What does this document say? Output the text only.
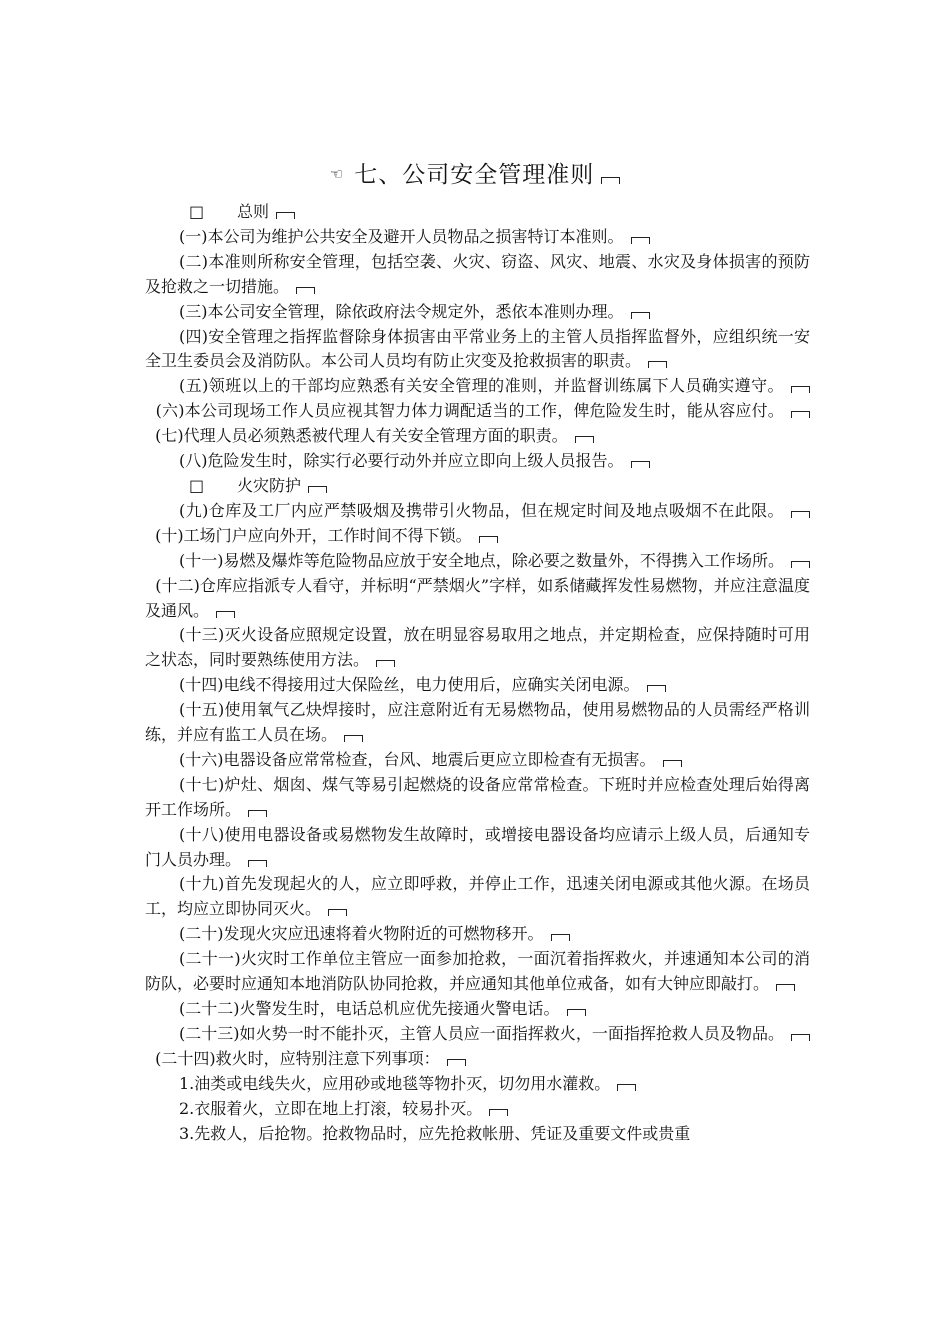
☜ 七、公司安全管理准则

□ 总则

(一)本公司为维护公共安全及避开人员物品之损害特订本准则。

(二)本准则所称安全管理，包括空袭、火灾、窃盗、风灾、地震、水灾及身体损害的预防及抢救之一切措施。

(三)本公司安全管理，除依政府法令规定外，悉依本准则办理。

(四)安全管理之指挥监督除身体损害由平常业务上的主管人员指挥监督外，应组织统一安全卫生委员会及消防队。本公司人员均有防止灾变及抢救损害的职责。

(五)领班以上的干部均应熟悉有关安全管理的准则，并监督训练属下人员确实遵守。  (六)本公司现场工作人员应视其智力体力调配适当的工作，俾危险发生时，能从容应付。  (七)代理人员必须熟悉被代理人有关安全管理方面的职责。

(八)危险发生时，除实行必要行动外并应立即向上级人员报告。

□ 火灾防护

(九)仓库及工厂内应严禁吸烟及携带引火物品，但在规定时间及地点吸烟不在此限。  (十)工场门户应向外开，工作时间不得下锁。

(十一)易燃及爆炸等危险物品应放于安全地点，除必要之数量外，不得携入工作场所。  (十二)仓库应指派专人看守，并标明“严禁烟火”字样，如系储藏挥发性易燃物，并应注意温度及通风。

(十三)灭火设备应照规定设置，放在明显容易取用之地点，并定期检查，应保持随时可用之状态，同时要熟练使用方法。

(十四)电线不得接用过大保险丝，电力使用后，应确实关闭电源。

(十五)使用氧气乙炔焊接时，应注意附近有无易燃物品，使用易燃物品的人员需经严格训练，并应有监工人员在场。

(十六)电器设备应常常检查，台风、地震后更应立即检查有无损害。

(十七)炉灶、烟囱、煤气等易引起燃烧的设备应常常检查。下班时并应检查处理后始得离开工作场所。

(十八)使用电器设备或易燃物发生故障时，或增接电器设备均应请示上级人员，后通知专门人员办理。

(十九)首先发现起火的人，应立即呼救，并停止工作，迅速关闭电源或其他火源。在场员工，均应立即协同灭火。

(二十)发现火灾应迅速将着火物附近的可燃物移开。

(二十一)火灾时工作单位主管应一面参加抢救，一面沉着指挥救火，并速通知本公司的消防队，必要时应通知本地消防队协同抢救，并应通知其他单位戒备，如有大钟应即敲打。

(二十二)火警发生时，电话总机应优先接通火警电话。

(二十三)如火势一时不能扑灭，主管人员应一面指挥救火，一面指挥抢救人员及物品。  (二十四)救火时，应特别注意下列事项：

1.油类或电线失火，应用砂或地毯等物扑灭，切勿用水灌救。

2.衣服着火，立即在地上打滚，较易扑灭。

3.先救人，后抢物。抢救物品时，应先抢救帐册、凭证及重要文件或贵重
